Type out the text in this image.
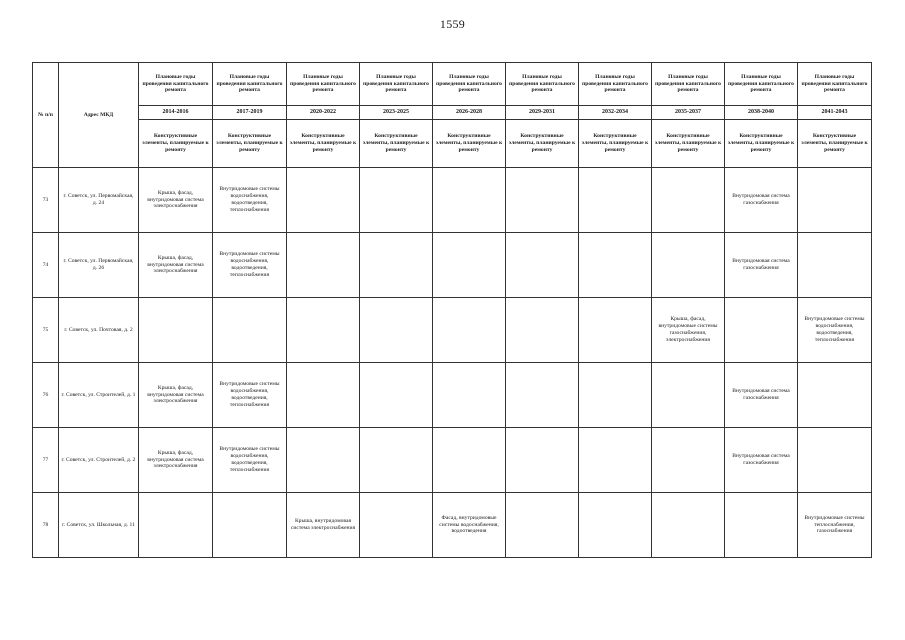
1559
№ п/п	Адрес МКД	Плановые годы проведения капитального ремонта	Плановые годы проведения капитального ремонта	Плановые годы проведения капитального ремонта	Плановые годы проведения капитального ремонта	Плановые годы проведения капитального ремонта	Плановые годы проведения капитального ремонта	Плановые годы проведения капитального ремонта	Плановые годы проведения капитального ремонта	Плановые годы проведения капитального ремонта	Плановые годы проведения капитального ремонта
		2014-2016	2017-2019	2020-2022	2023-2025	2026-2028	2029-2031	2032-2034	2035-2037	2038-2040	2041-2043
		Конструктивные элементы, планируемые к ремонту	Конструктивные элементы, планируемые к ремонту	Конструктивные элементы, планируемые к ремонту	Конструктивные элементы, планируемые к ремонту	Конструктивные элементы, планируемые к ремонту	Конструктивные элементы, планируемые к ремонту	Конструктивные элементы, планируемые к ремонту	Конструктивные элементы, планируемые к ремонту	Конструктивные элементы, планируемые к ремонту	Конструктивные элементы, планируемые к ремонту
73	г. Советск, ул. Первомайская, д. 24	Крыша, фасад, внутридомовая система электроснабжения	Внутридомовые системы водоснабжения, водоотведения, теплоснабжения							Внутридомовая система газоснабжения	
74	г. Советск, ул. Первомайская, д. 26	Крыша, фасад, внутридомовая система электроснабжения	Внутридомовые системы водоснабжения, водоотведения, теплоснабжения							Внутридомовая система газоснабжения	
75	г. Советск, ул. Почтовая, д. 2								Крыша, фасад, внутридомовые системы газоснабжения, электроснабжения		Внутридомовые системы водоснабжения, водоотведения, теплоснабжения
76	г. Советск, ул. Строителей, д. 1	Крыша, фасад, внутридомовая система электроснабжения	Внутридомовые системы водоснабжения, водоотведения, теплоснабжения							Внутридомовая система газоснабжения	
77	г. Советск, ул. Строителей, д. 2	Крыша, фасад, внутридомовая система электроснабжения	Внутридомовые системы водоснабжения, водоотведения, теплоснабжения							Внутридомовая система газоснабжения	
78	г. Советск, ул. Школьная, д. 11			Крыша, внутридомовая система электроснабжения		Фасад, внутридомовые системы водоснабжения, водоотведения					Внутридомовые системы теплоснабжения, газоснабжения
